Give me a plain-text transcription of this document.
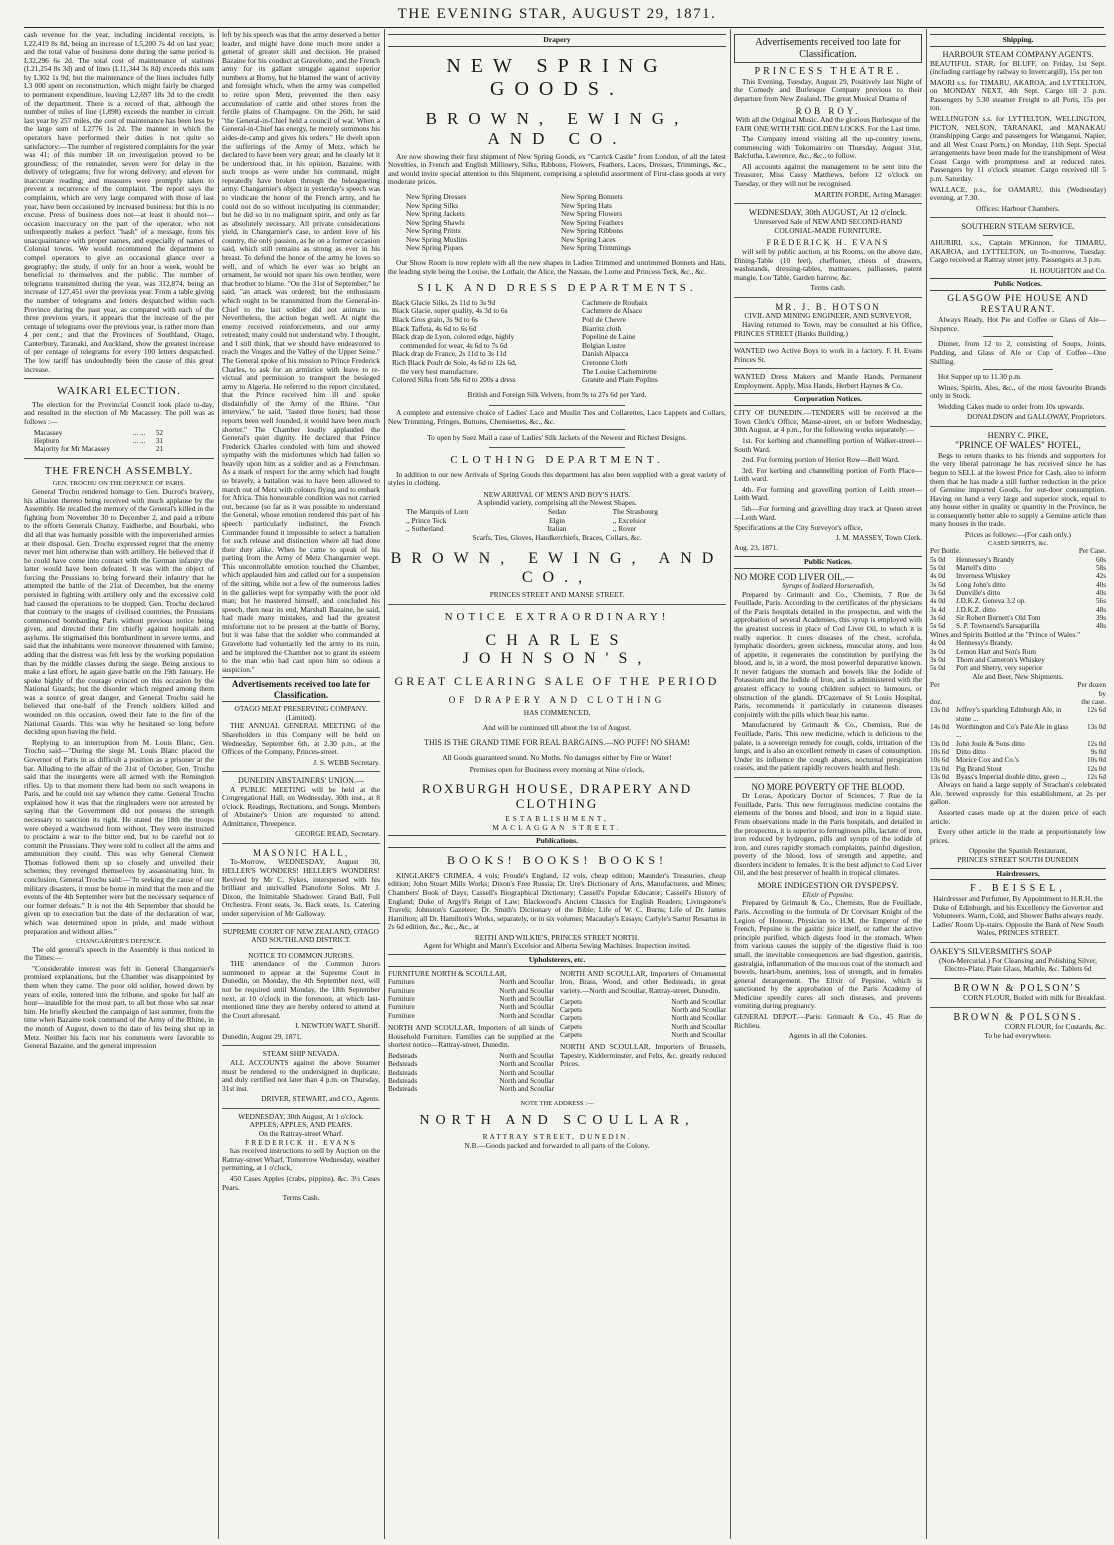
THE EVENING STAR, AUGUST 29, 1871.

cash revenue for the year, including incidental receipts, is L22,419 8s 8d, being an increase of L5,200 7s 4d on last year; and the total value of business done during the same period is L32,296 6s 2d. The total cost of maintenance of stations (L21,254 8s 3d) and of lines (L11,344 3s 8d) exceeds this sum by L302 1s 9d; but the maintenance of the lines includes fully L3 000 spent on reconstruction, which might fairly be charged to permanent expenditure, leaving L2,697 18s 3d to the credit of the department. There is a record of that, although the number of miles of line (1,898) exceeds the number in circuit last year by 257 miles, the cost of maintenance has been less by the large sum of L2776 1s 2d. The manner in which the operators have performed their duties is not quite so satisfactory:—The number of registered complaints for the year was 41; of this number 18 on investigation proved to be groundless; of the remainder, seven were for delay in the delivery of telegrams; five for wrong delivery; and eleven for inaccurate reading; and measures were promptly taken to prevent a recurrence of the complaint. The report says the complaints, which are very large compared with those of last year, have been occasioned by increased business: but this is no excuse. Press of business does not—at least it should not—occasion inaccuracy on the part of the operator, who not unfrequently makes a perfect "hash" of a message, from his unacquaintance with proper names, and especially of names of Colonial towns. We would recommend the department to compel operators to give an occasional glance over a geography; the study, if only for an hour a week, would be beneficial to themselves and the public. The number of telegrams transmitted during the year, was 312,874, being an increase of 127,451 over the previous year. From a table giving the number of telegrams and letters despatched within each Province during the past year, as compared with each of the three previous years, it appears that the increase of the per centage of telegrams over the previous year, is rather more than 4 per cent.; and that the Provinces of Southland, Otago, Canterbury, Taranaki, and Auckland, show the greatest increase of per centage of telegrams for every 100 letters despatched. The low tariff has undoubtedly been the cause of this great increase.

WAIKARI ELECTION.

The election for the Provincial Council took place to-day, and resulted in the election of Mr Macassey. The poll was as follows :—

Macassey	... ...	52
Hepburn	... ...	31
Majority for Mr Macassey		21
THE FRENCH ASSEMBLY.
GEN. TROCHU ON THE DEFENCE OF PARIS.

General Trochu rendered homage to Gen. Ducrot's bravery, his allusion thereto being received with much applause by the Assembly. He recalled the memory of the General's killed in the fighting from November 30 to December 2, and paid a tribute to the efforts Generals Chanzy, Faidherbe, and Bourbaki, who did all that was humanly possible with the impoverished armies at their disposal. Gen. Trochu expressed regret that the enemy never met him otherwise than with artillery. He believed that if he could have come into contact with the German infantry the latter would have been defeated. It was with the object of forcing the Prussians to bring forward their infantry that he attempted the battle of the 21st of December, but the enemy persisted in fighting with artillery only and the excessive cold had caused the operations to be stopped. Gen. Trochu declared that contrary to the usages of civilised countries, the Prussians commenced bombarding Paris without previous notice being given, and directed their fire chiefly against hospitals and asylums. He stigmatised this bombardment in severe terms, and said that the inhabitants were moreover threatened with famine, adding that the distress was felt less by the working population than by the middle classes during the siege. Being anxious to make a last effort, he again gave battle on the 19th January. He spoke highly of the courage evinced on this occasion by the National Guards; but the disorder which reigned among them was a source of great danger, and General Trochu said he believed that one-half of the French soldiers killed and wounded on this occasion, owed their fate to the fire of the National Guards. This was why he hesitated so long before deciding upon having the field.

Replying to an interruption from M. Louis Blanc, Gen. Trochu said—"During the siege M. Louis Blanc placed the Governor of Paris in as difficult a position as a prisoner at the bar. Alluding to the affair of the 31st of October, Gen. Trochu said that the insurgents were all armed with the Remington rifles. Up to that moment there had been no such weapons in Paris, and he could not say whence they came. General Trochu explained how it was that the ringleaders were not arrested by saying that the Government did not possess the strength necessary to sanction its right. He stated the 18th the troops were obeyed a watchword from without. They were instructed to proclaim a war to the bitter end, but to be careful not to commit the Prussians. They were told to collect all the arms and ammunition they could. This was why General Clement Thomas followed them up so closely and unveiled their schemes; they revenged themselves by assassinating him. In conclusion, General Trochu said:—"In seeking the cause of our military disasters, it must be borne in mind that the men and the events of the 4th September were but the necessary sequence of our former defeats." It is not the 4th September that should be given up to execration but the date of the declaration of war, which was determined upon in pride, and made without preparation and without allies."

CHANGARNIER'S DEFENCE.

The old general's speech in the Assembly is thus noticed in the Times:—

"Considerable interest was felt in General Changarnier's promised explanations, but the Chamber was disappointed by them when they came. The poor old soldier, bowed down by years of exile, tottered into the tribune, and spoke for half an hour—inaudible for the most part, to all but those who sat near him. He briefly sketched the campaign of last summer, from the time when Bazaine took command of the Army of the Rhine, in the month of August, down to the date of his being shut up in Metz. Neither his facts nor his comments were favorable to General Bazaine, and the general impression

left by his speech was that the army deserved a better leader, and might have done much more under a general of greater skill and decision. He praised Bazaine for his conduct at Gravelotte, and the French army for its gallant struggle against superior numbers at Borny, but he blamed the want of activity and foresight which, when the army was compelled to retire upon Metz, prevented the then easy accumulation of cattle and other stores from the fertile plains of Champagne. On the 26th, he said "the General-in-Chief held a council of war. When a General-in-Chief has energy, he merely summons his aides-de-camp and gives his orders." He dwelt upon the sufferings of the Army of Metz, which he declared to have been very great; and he clearly let it be understood that, in his opinion, Bazaine, with such troops as were under his command, might repeatedly have broken through the beleaguering army. Changarnier's object in yesterday's speech was to vindicate the honor of the French army, and he could not do so without inculpating its commander; but he did so in no malignant spirit, and only as far as absolutely necessary. All private considerations yield, in Changarnier's case, to ardent love of his country, the only passion, as he on a former occasion said, which still remains as strong as ever in his breast. To defend the honor of the army he loves so well, and of which he ever was so bright an ornament, he would not spare his own brother, were that brother to blame. "On the 31st of September," he said, "an attack was ordered; but the enthusiasm which ought to be transmitted from the General-in-Chief to the last soldier did not animate us. Nevertheless, the action began well. At night the enemy received reinforcements, and our army retreated; many could not understand why. I thought, and I still think, that we should have endeavored to reach the Vosges and the Valley of the Upper Seine." The General spoke of his mission to Prince Frederick Charles, to ask for an armistice with leave to re-victual and permission to transport the besieged army to Algeria. He referred to the report circulated, that the Prince received him ill and spoke disdainfully of the Army of the Rhine. "Our interview," he said, "lasted three hours; had those reports been well founded, it would have been much shorter." The Chamber loudly applauded the General's quiet dignity. He declared that Prince Frederick Charles condoled with him and showed sympathy with the misfortunes which had fallen so heavily upon him as a soldier and as a Frenchman. As a mark of respect for the army which had fought so bravely, a battalion was to have been allowed to march out of Metz with colours flying and to embark for Africa. This honourable condition was not carried out, because (so far as it was possible to understand the General, whose emotion rendered this part of his speech particularly indistinct, the French Commander found it impossible to select a battalion for such release and distinction where all had done their duty alike. When he came to speak of his parting from the Army of Metz Changarnier wept. This uncontrollable emotion touched the Chamber, which applauded him and called out for a suspension of the sitting, while not a few of the numerous ladies in the galleries wept for sympathy with the poor old man; but he mastered himself, and concluded his speech, then near its end, Marshall Bazaine, he said, had made many mistakes, and had the greatest misfortune not to be present at the battle of Borny, but it was false that the soldier who commanded at Gravelotte had voluntarily led the army to its ruin, and he implored the Chamber not to grant its esteem to the man who had cast upon him so odious a suspicion."

Advertisements received too late for Classification.
OTAGO MEAT PRESERVING COMPANY. (Limited).

THE ANNUAL GENERAL MEETING of the Shareholders in this Company will be held on Wednesday, September 6th, at 2.30 p.m., at the Offices of the Company, Princes-street.

J. S. WEBB Secretary.
DUNEDIN ABSTAINERS' UNION.—

A PUBLIC MEETING will be held at the Congregational Hall, on Wednesday, 30th inst., at 8 o'clock. Readings, Recitations, and Songs. Members of Abstainer's Union are requested to attend. Admittance, Threepence.

GEORGE READ, Secretary.
MASONIC HALL,

To-Morrow, WEDNESDAY, August 30, HELLER'S WONDERS! HELLER'S WONDERS! Revived by Mr C. Sykes, interspersed with his brilliant and unrivalled Pianoforte Solos. Mr J. Dixon, the Inimitable Shadower. Grand Ball, Full Orchestra. Front seats, 3s. Back seats, 1s. Catering under supervision of Mr Galloway.

SUPREME COURT OF NEW ZEALAND, OTAGO AND SOUTHLAND DISTRICT.
NOTICE TO COMMON JURORS.

THE attendance of the Common Jurors summoned to appear at the Supreme Court in Dunedin, on Monday, the 4th September next, will not be required until Monday, the 18th September next, at 10 o'clock in the forenoon, at which last-mentioned time they are hereby ordered to attend at the Court aforesaid.

I. NEWTON WATT, Sheriff.
Dunedin, August 29, 1871.
STEAM SHIP NEVADA.

ALL ACCOUNTS against the above Steamer must be rendered to the undersigned in duplicate, and duly certified not later than 4 p.m. on Thursday, 31st inst.

DRIVER, STEWART, and CO., Agents.
WEDNESDAY, 30th August, At 1 o'clock.
APPLES, APPLES, AND PEARS.
On the Rattray-street Wharf.
FREDERICK H. EVANS

has received instructions to sell by Auction on the Rattray-street Wharf, Tomorrow Wednesday, weather permitting, at 1 o'clock,

450 Cases Apples (crabs, pippins), &c. 3½ Cases Pears.

Terms Cash.
Drapery
NEW SPRING GOODS.
BROWN, EWING, AND CO.

Are now showing their first shipment of New Spring Goods, ex "Carrick Castle" from London, of all the latest Novelties, in French and English Millinery, Silks, Ribbons, Flowers, Feathers, Laces, Dresses, Trimmings, &c., and would invite special attention to this Shipment, comprising a splendid assortment of First-class goods at very moderate prices.

New Spring Dresses
New Spring Silks
New Spring Jackets
New Spring Shawls
New Spring Prints
New Spring Muslins
New Spring Piques
New Spring Bonnets
New Spring Hats
New Spring Flowers
New Spring Feathers
New Spring Ribbons
New Spring Laces
New Spring Trimmings

Our Show Room is now replete with all the new shapes in Ladies Trimmed and untrimmed Bonnets and Hats, the leading style being the Louise, the Lothair, the Alice, the Nassau, the Lorne and Princess Teck, &c., &c.

SILK AND DRESS DEPARTMENTS.
Black Glacie Silks, 2s 11d to 3s 9d
Black Glacie, super quality, 4s 3d to 6s
Black Gros grain, 3s 9d to 6s
Black Taffeta, 4s 6d to 6s 6d
Black drap de Lyon, colored edge, highly
commended for wear, 4s 6d to 7s 6d
Black drap de France, 2s 11d to 3s 11d
Rich Black Poult de Soie, 4s 6d to 12s 6d,
the very best manufacture.
Colored Silks from 58s 6d to 200s a dress
Cachmere de Roubaix
Cachmere de Alsace
Poil de Chevre
Biarritz cloth
Popeline de Laine
Belgian Lustre
Danish Alpacca
Cretonne Cloth
The Louise Cachemirette
Granite and Plain Poplins
British and Foreign Silk Velvets, from 9s to 27s 6d per Yard.

A complete and extensive choice of Ladies' Lace and Muslin Ties and Collarettes, Lace Lappets and Collars, New Trimming, Fringes, Buttons, Chemisettes, &c., &c.

To open by Suez Mail a case of Ladies' Silk Jackets of the Newest and Richest Designs.
CLOTHING DEPARTMENT.

In addition to our new Arrivals of Spring Goods this department has also been supplied with a great variety of styles in clothing.

NEW ARRIVAL OF MEN'S AND BOY'S HATS.
A splendid variety, comprising all the Newest Shapes.
The Marquis of Lorn
,, Prince Teck
,, Sutherland
Sedan
Elgin
Italian
The Strasbourg
,, Excelsior
,, Rover
Scarfs, Ties, Gloves, Handkerchiefs, Braces, Collars, &c.
BROWN, EWING, AND CO.,
PRINCES STREET AND MANSE STREET.
NOTICE EXTRAORDINARY!
CHARLES JOHNSON'S,
GREAT CLEARING SALE OF THE PERIOD
OF DRAPERY AND CLOTHING
HAS COMMENCED,
And will be continued till about the 1st of August.
THIS IS THE GRAND TIME FOR REAL BARGAINS.—NO PUFF! NO SHAM!
All Goods guaranteed sound. No Moths. No damages either by Fire or Water!
Premises open for Business every morning at Nine o'clock,
ROXBURGH HOUSE, DRAPERY AND CLOTHING
ESTABLISHMENT,
MACLAGGAN STREET.
Publications.
BOOKS! BOOKS! BOOKS!

KINGLAKE'S CRIMEA, 4 vols; Froude's England, 12 vols, cheap edition; Maunder's Treasuries, cheap edition; John Stuart Mills Works; Dixon's Free Russia; Dr. Ure's Dictionary of Arts, Manufactures, and Mines; Chambers' Book of Days; Cassell's Biographical Dictionary; Cassell's Popular Educator; Cassell's History of England; Duke of Argyll's Reign of Law; Blackwood's Ancient Classics for English Readers; Livingstone's Travels; Johnston's Gazeteer; Dr. Smith's Dictionary of the Bible; Life of W. C. Burns; Life of Dr. James Hamilton; all Dr. Hamilton's Works, separately, or in six volumes; Macaulay's Essays; Carlyle's Sartor Resartus in 2s 6d edition, &c., &c., &c., at

REITH AND WILKIE'S, PRINCES STREET NORTH.
Agent for Whight and Mann's Excelsior and Alberta Sewing Machines. Inspection invited.
Upholsterers, etc.
FURNITURE NORTH & SCOULLAR,
Furniture	North and Scoullar
Furniture	North and Scoullar
Furniture	North and Scoullar
Furniture	North and Scoullar
Furniture	North and Scoullar

NORTH AND SCOULLAR, Importers of all kinds of Household Furniture. Families can be supplied at the shortest notice—Rattray-street, Dunedin.

Bedsteads	North and Scoullar
Bedsteads	North and Scoullar
Bedsteads	North and Scoullar
Bedsteads	North and Scoullar
Bedsteads	North and Scoullar

NORTH AND SCOULLAR, Importers of Ornamental Iron, Brass, Wood, and other Bedsteads, in great variety.—North and Scoullar, Rattray-street, Dunedin.

Carpets	North and Scoullar
Carpets	North and Scoullar
Carpets	North and Scoullar
Carpets	North and Scoullar
Carpets	North and Scoullar

NORTH AND SCOULLAR, Importers of Brussels, Tapestry, Kidderminster, and Felts, &c. greatly reduced Prices.

NOTE THE ADDRESS :—
NORTH AND SCOULLAR,
RATTRAY STREET, DUNEDIN.
N.B.—Goods packed and forwarded to all parts of the Colony.
Advertisements received too late for Classification.
PRINCESS THEATRE.

This Evening, Tuesday, August 29, Positively last Night of the Comedy and Burlesque Company previous to their departure from New Zealand. The great Musical Drama of

ROB ROY.

With all the Original Music. And the glorious Burlesque of the FAIR ONE WITH THE GOLDEN LOCKS. For the Last time.

The Company intend visiting all the up-country towns, commencing with Tokomairiro on Thursday, August 31st, Balclutha, Lawrence, &c., &c., to follow.

All accounts against the management to be sent into the Treasurer, Miss Cassy Matthews, before 12 o'clock on Tuesday, or they will not be recognised.

MARTIN FORDE, Acting Manager.
WEDNESDAY, 30th AUGUST, At 12 o'clock.
Unreserved Sale of NEW AND SECOND-HAND COLONIAL-MADE FURNITURE.
FREDERICK H. EVANS

will sell by public auction, at his Rooms, on the above date, Dining-Table (10 feet), cheffonier, chests of drawers, washstands, dressing-tables, mattrasses, palliasses, patent mangle, Loo Table, Garden barrow, &c.

Terms cash.
MR. J. B. HOTSON
CIVIL AND MINING ENGINEER, AND SURVEYOR,

Having returned to Town, may be consulted at his Office, PRINCES STREET (Banks Building.)

WANTED two Active Boys to work in a factory. F. H. Evans Princes St.

WANTED Dress Makers and Mantle Hands. Permanent Employment. Apply, Miss Hands, Herbert Haynes & Co.

Corporation Notices.

CITY OF DUNEDIN.—TENDERS will be received at the Town Clerk's Office, Manse-street, on or before Wednesday, 30th August, at 4 p.m., for the following works separately:—

1st. For kerbing and channelling portion of Walker-street—South Ward.

2nd. For forming portion of Heriot Row—Bell Ward.

3rd. For kerbing and channelling portion of Forth Place—Leith ward.

4th. For forming and gravelling portion of Leith street—Leith Ward.

5th—For forming and gravelling dray track at Queen street—Leith Ward.

Specifications at the City Surveyor's office,
J. M. MASSEY, Town Clerk.
Aug. 23, 1871.
Public Notices.
NO MORE COD LIVER OIL.—
Syrups of Iodized Horseradish,

Prepared by Grimault and Co., Chemists, 7 Rue de Feuillade, Paris. According to the certificates of the physicians of the Paris hospitals detailed in the prospectus, and with the approbation of several Academies, this syrup is employed with the greatest success in place of Cod Liver Oil, to which it is really superior. It cures diseases of the chest, scrofula, lymphatic disorders, green sickness, muscular atony, and loss of appetite, it regenerates the constitution by purifying the blood, and is, in a word, the most powerful depurative known. It never fatigues the stomach and bowels like the Iodide of Potassium and the Iodide of Iron, and is administered with the greatest efficacy to young children subject to humours, or obstruction of the glands. D'Cazenave of St Louis Hospital, Paris, recommends it particularly in cutaneous diseases conjointly with the pills which bear his name.

Manufactured by Grimault & Co., Chemists, Rue de Feuillade, Paris. This new medicine, which is delicious to the palate, is a sovereign remedy for cough, colds, irritation of the lungs, and is also an excellent remedy in cases of consumption. Under its influence the cough abates, nocturnal perspiration ceases, and the patient rapidly recovers health and flesh.

NO MORE POVERTY OF THE BLOOD.

Dr Leras, Apoticary Doctor of Sciences, 7 Rue de la Feuillade, Paris. This new ferruginous medicine contains the elements of the bones and blood, and iron in a liquid state. From observations made in the Paris hospitals, and detailed in the prospectus, it is superior to ferruginous pills, lactate of iron, iron reduced by hydrogen, pills and syrups of the iodide of iron, and cures rapidly stomach complaints, painful digestion, poverty of the blood, loss of strength and appetite, and disorders incident to females. It is the best adjunct to Cod Liver Oil, and the best preserver of health in tropical climates.

MORE INDIGESTION OR DYSPEPSY.
Elixir of Pepsine.

Prepared by Grimault & Co., Chemists, Rue de Feuillade, Paris. According to the formula of Dr Corvisart Knight of the Legion of Honour, Physician to H.M. the Emperor of the French, Pepsine is the gastric juice itself, or rather the active principle purified, which digests food in the stomach. When from various causes the supply of the digestive fluid is too small, the inevitable consequences are bad digestion, gastritis, gastralgia, inflammation of the mucous coat of the stomach and bowels, heart-burn, anemies, loss of strength, and in females general derangement. The Elixir of Pepsine, which is sanctioned by the approbation of the Paris Academy of Medicine speedily cures all such diseases, and prevents vomiting during pregnancy.

GENERAL DEPOT.—Paris: Grimault & Co., 45 Rue de Richlieu.

Agents in all the Colonies.
Shipping.
HARBOUR STEAM COMPANY AGENTS.

BEAUTIFUL STAR, for BLUFF, on Friday, 1st Sept. (including carriage by railway to Invercargill), 15s per ton

MAORI s.s. for TIMARU, AKAROA, and LYTTELTON, on MONDAY NEXT, 4th Sept. Cargo till 2 p.m. Passengers by 5.30 steamer Freight to all Ports, 15s per ton.

WELLINGTON s.s. for LYTTELTON, WELLINGTON, PICTON, NELSON, TARANAKI, and MANAKAU (transhipping Cargo and passengers for Wanganui, Napier, and all West Coast Ports,) on Monday, 11th Sept. Special arrangements have been made for the transhipment of West Coast Cargo with promptness and at reduced rates. Passengers by 11 o'clock steamer. Cargo received till 5 p.m. Saturday.

WALLACE, p.s., for OAMARU, this (Wednesday) evening, at 7.30.

Offices: Harbour Chambers.
SOUTHERN STEAM SERVICE.

AHURIRI, s.s., Captain M'Kinnon, for TIMARU, AKAROA, and LYTTELTON, on To-morrow, Tuesday. Cargo received at Rattray street jetty. Passengers at 3 p.m.

H. HOUGHTON and Co.
Public Notices.
GLASGOW PIE HOUSE AND RESTAURANT.

Always Ready, Hot Pie and Coffee or Glass of Ale—Sixpence.

Dinner, from 12 to 2, consisting of Soups, Joints, Pudding, and Glass of Ale or Cup of Coffee—One Shilling.

Hot Supper up to 11.30 p.m.

Wines, Spirits, Ales, &c., of the most favourite Brands only in Stock.

Wedding Cakes made to order from 10s upwards.

DONALDSON and GALLOWAY, Proprietors.
HENRY C. PIKE,
"PRINCE OF WALES" HOTEL,

Begs to return thanks to his friends and supporters for the very liberal patronage he has received since he has begun to SELL at the lowest Price for Cash, also to inform them that he has made a still further reduction in the price of Genuine imported Goods, for out-door consumption. Having on hand a very large and superior stock, equal to any house either in quality or quantity in the Province, he is consequently better able to supply a Genuine article than many houses in the trade.

Prices as follows:—(For cash only.)
CASED SPIRITS, &c.
Per Bottle.		Per Case.
5s 0d	Hennessey's Brandy	60s
5s 0d	Martell's ditto	58s
4s 0d	Inverness Whiskey	42s
3s 6d	Long John's ditto	40s
3s 6d	Dunville's ditto	40s
4s 0d	J.D.K.Z. Geneva 3.2 op.	56s
3s 4d	J.D.K.Z. ditto	48s
3s 6d	Sir Robert Burnett's Old Tom	39s
5s 6d	S. P. Townsend's Sarsaparilla	48s
Wines and Spirits Bottled at the "Prince of Wales."
4s 0d	Hennessy's Brandy.
3s 0d	Lemon Hart and Son's Rum
3s 0d	Thom and Cameron's Whiskey
5s 0d	Port and Sherry, very superior
Ale and Beer, New Shipments.
Per		Per dozen by
doz.		the case.
13s 0d	Jeffrey's sparkling Edinburgh Ale, in stone ...	12s 6d
14s 0d	Worthington and Co's Pale Ale in glass ...	13s 0d
13s 0d	John Joule & Sons ditto	12s 0d
10s 6d	Ditto ditto	9s 0d
10s 6d	Morice Cox and Co.'s	10s 0d
13s 0d	Pig Brand Stout	12s 0d
13s 0d	Byass's Imperial double ditto, green ...	12s 6d

Always on hand a large supply of Strachan's celebrated Ale, brewed expressly for this establishment, at 2s per gallon.

Assorted cases made up at the dozen price of each article.

Every other article in the trade at proportionately low prices.

Opposite the Spanish Restaurant,
PRINCES STREET SOUTH DUNEDIN
Hairdressers.
F. BEISSEL,

Hairdresser and Perfumer, By Appointment to H.R.H. the Duke of Edinburgh, and his Excellency the Governor and Volunteers. Warm, Cold, and Shower Baths always ready. Ladies' Room Up-stairs. Opposite the Bank of New South Wales, PRINCES STREET.

OAKEY'S SILVERSMITH'S SOAP

(Non-Mercurial.) For Cleansing and Polishing Silver, Electro-Plate, Plate Glass, Marble, &c. Tablets 6d

BROWN & POLSON'S
CORN FLOUR, Boiled with milk for Breakfast.
BROWN & POLSONS.
CORN FLOUR, for Custards, &c.
To be had everywhere.
